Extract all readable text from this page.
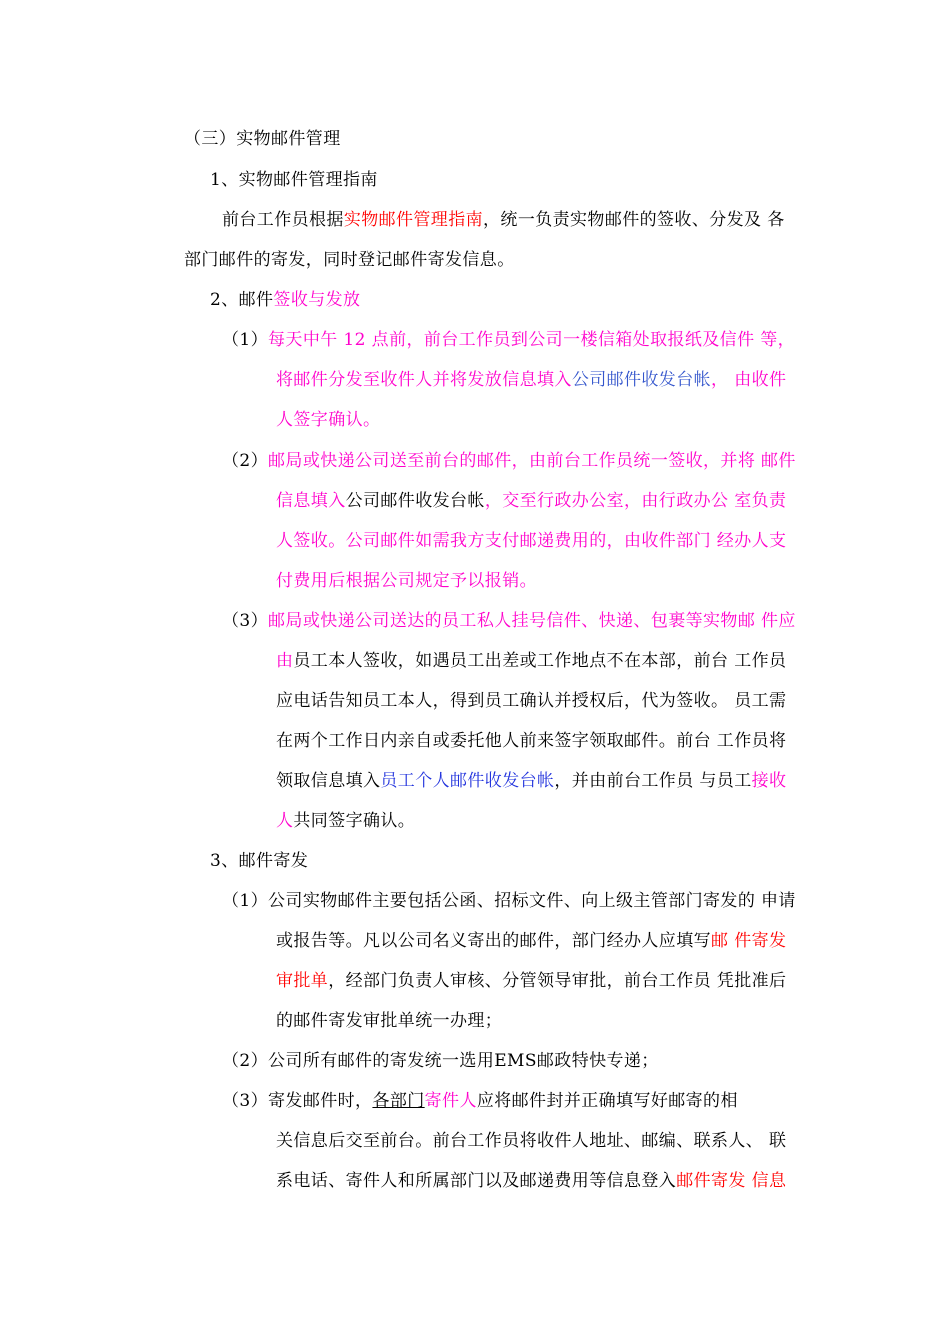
（三）实物邮件管理
1、实物邮件管理指南
前台工作员根据实物邮件管理指南，统一负责实物邮件的签收、分发及 各
部门邮件的寄发，同时登记邮件寄发信息。
2、邮件签收与发放
（1）每天中午 12 点前，前台工作员到公司一楼信箱处取报纸及信件 等，
将邮件分发至收件人并将发放信息填入公司邮件收发台帐， 由收件
人签字确认。
（2）邮局或快递公司送至前台的邮件，由前台工作员统一签收，并将 邮件
信息填入公司邮件收发台帐，交至行政办公室，由行政办公 室负责
人签收。公司邮件如需我方支付邮递费用的，由收件部门 经办人支
付费用后根据公司规定予以报销。
（3）邮局或快递公司送达的员工私人挂号信件、快递、包裹等实物邮 件应
由员工本人签收，如遇员工出差或工作地点不在本部，前台 工作员
应电话告知员工本人，得到员工确认并授权后，代为签收。 员工需
在两个工作日内亲自或委托他人前来签字领取邮件。前台 工作员将
领取信息填入员工个人邮件收发台帐，并由前台工作员 与员工接收
人共同签字确认。
3、邮件寄发
（1）公司实物邮件主要包括公函、招标文件、向上级主管部门寄发的 申请
或报告等。凡以公司名义寄出的邮件，部门经办人应填写邮 件寄发
审批单，经部门负责人审核、分管领导审批，前台工作员 凭批准后
的邮件寄发审批单统一办理；
（2）公司所有邮件的寄发统一选用EMS邮政特快专递；
（3）寄发邮件时，各部门寄件人应将邮件封并正确填写好邮寄的相
关信息后交至前台。前台工作员将收件人地址、邮编、联系人、 联
系电话、寄件人和所属部门以及邮递费用等信息登入邮件寄发 信息
